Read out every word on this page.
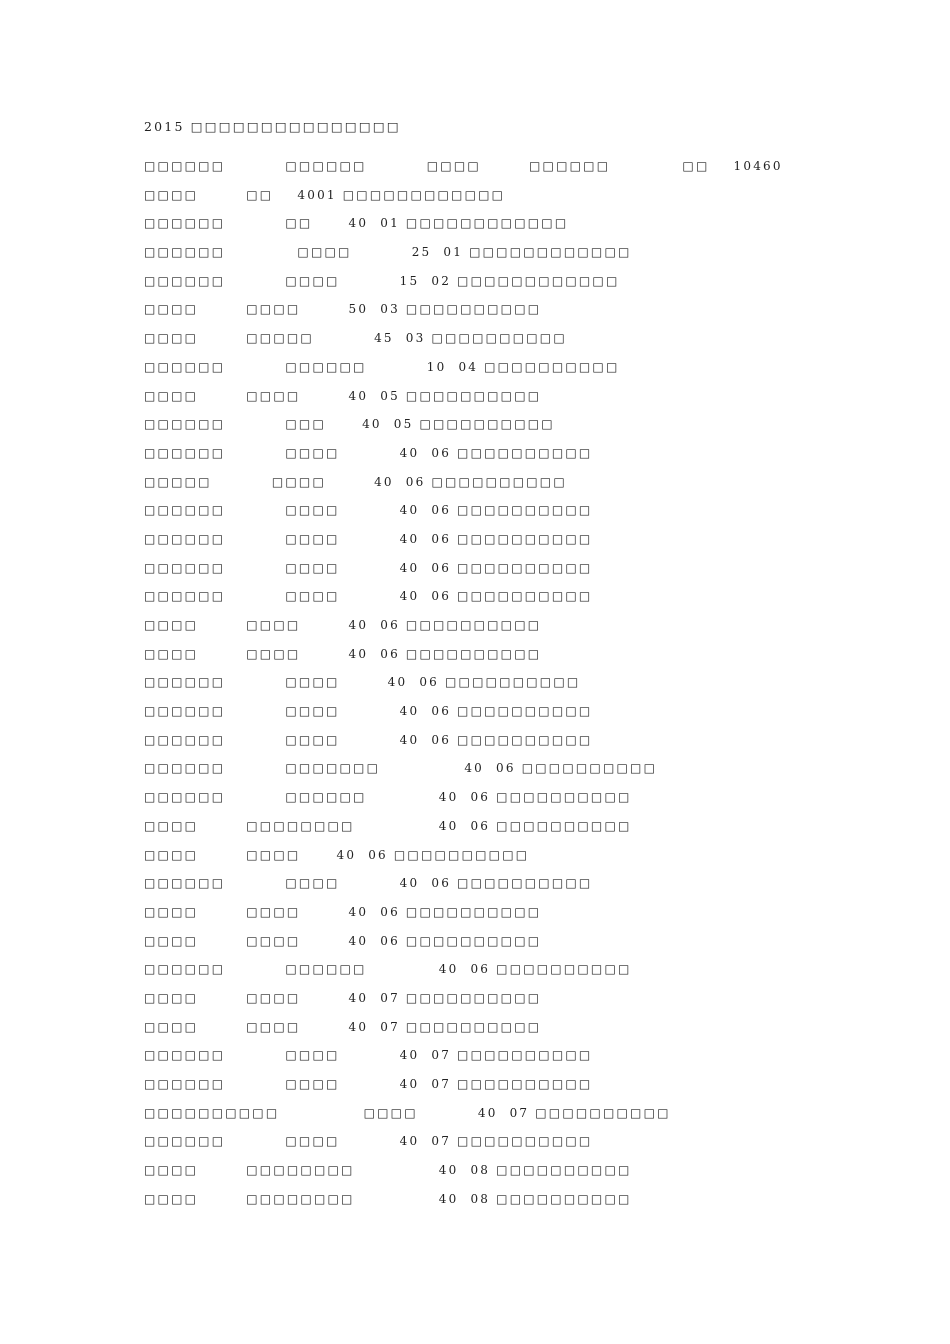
2015 □□□□□□□□□□□□□□□
□□□□□□          □□□□□□          □□□□        □□□□□□            □□    10460
□□□□        □□    4001 □□□□□□□□□□□□
□□□□□□          □□      40  01 □□□□□□□□□□□□
□□□□□□            □□□□          25  01 □□□□□□□□□□□□
□□□□□□          □□□□          15  02 □□□□□□□□□□□□
□□□□        □□□□        50  03 □□□□□□□□□□
□□□□        □□□□□          45  03 □□□□□□□□□□
□□□□□□          □□□□□□          10  04 □□□□□□□□□□
□□□□        □□□□        40  05 □□□□□□□□□□
□□□□□□          □□□      40  05 □□□□□□□□□□
□□□□□□          □□□□          40  06 □□□□□□□□□□
□□□□□          □□□□        40  06 □□□□□□□□□□
□□□□□□          □□□□          40  06 □□□□□□□□□□
□□□□□□          □□□□          40  06 □□□□□□□□□□
□□□□□□          □□□□          40  06 □□□□□□□□□□
□□□□□□          □□□□          40  06 □□□□□□□□□□
□□□□        □□□□        40  06 □□□□□□□□□□
□□□□        □□□□        40  06 □□□□□□□□□□
□□□□□□          □□□□        40  06 □□□□□□□□□□
□□□□□□          □□□□          40  06 □□□□□□□□□□
□□□□□□          □□□□          40  06 □□□□□□□□□□
□□□□□□          □□□□□□□              40  06 □□□□□□□□□□
□□□□□□          □□□□□□            40  06 □□□□□□□□□□
□□□□        □□□□□□□□              40  06 □□□□□□□□□□
□□□□        □□□□      40  06 □□□□□□□□□□
□□□□□□          □□□□          40  06 □□□□□□□□□□
□□□□        □□□□        40  06 □□□□□□□□□□
□□□□        □□□□        40  06 □□□□□□□□□□
□□□□□□          □□□□□□            40  06 □□□□□□□□□□
□□□□        □□□□        40  07 □□□□□□□□□□
□□□□        □□□□        40  07 □□□□□□□□□□
□□□□□□          □□□□          40  07 □□□□□□□□□□
□□□□□□          □□□□          40  07 □□□□□□□□□□
□□□□□□□□□□              □□□□          40  07 □□□□□□□□□□
□□□□□□          □□□□          40  07 □□□□□□□□□□
□□□□        □□□□□□□□              40  08 □□□□□□□□□□
□□□□        □□□□□□□□              40  08 □□□□□□□□□□
